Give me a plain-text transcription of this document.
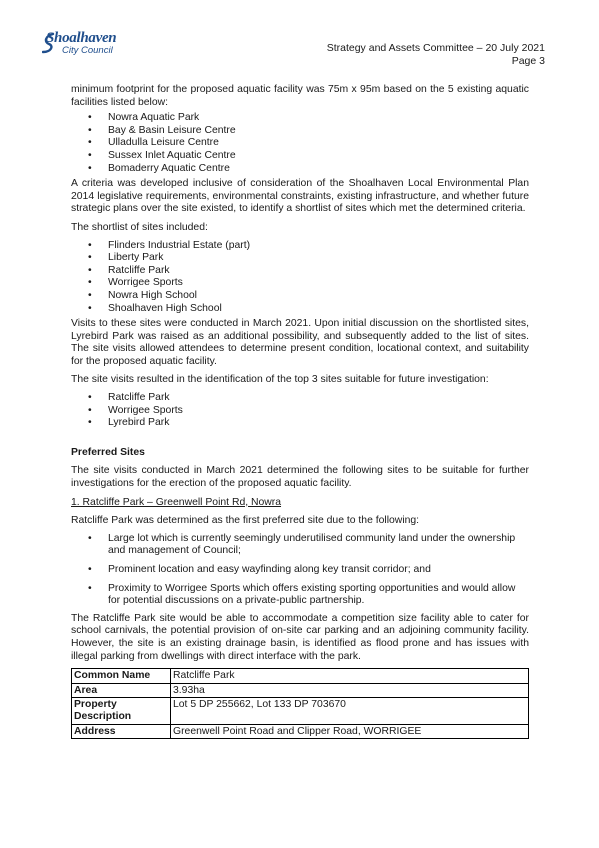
Shoalhaven
City Council	Strategy and Assets Committee – 20 July 2021
Page 3

minimum footprint for the proposed aquatic facility was 75m x 95m based on the 5 existing aquatic facilities listed below:

• Nowra Aquatic Park
• Bay & Basin Leisure Centre
• Ulladulla Leisure Centre
• Sussex Inlet Aquatic Centre
• Bomaderry Aquatic Centre

A criteria was developed inclusive of consideration of the Shoalhaven Local Environmental Plan 2014 legislative requirements, environmental constraints, existing infrastructure, and whether future strategic plans over the site existed, to identify a shortlist of sites which met the determined criteria.

The shortlist of sites included:

• Flinders Industrial Estate (part)
• Liberty Park
• Ratcliffe Park
• Worrigee Sports
• Nowra High School
• Shoalhaven High School

Visits to these sites were conducted in March 2021. Upon initial discussion on the shortlisted sites, Lyrebird Park was raised as an additional possibility, and subsequently added to the list of sites. The site visits allowed attendees to determine present condition, locational context, and suitability for the proposed aquatic facility.

The site visits resulted in the identification of the top 3 sites suitable for future investigation:

• Ratcliffe Park
• Worrigee Sports
• Lyrebird Park

Preferred Sites

The site visits conducted in March 2021 determined the following sites to be suitable for further investigations for the erection of the proposed aquatic facility.

1. Ratcliffe Park – Greenwell Point Rd, Nowra

Ratcliffe Park was determined as the first preferred site due to the following:

• Large lot which is currently seemingly underutilised community land under the ownership and management of Council;
• Prominent location and easy wayfinding along key transit corridor; and
• Proximity to Worrigee Sports which offers existing sporting opportunities and would allow for potential discussions on a private-public partnership.

The Ratcliffe Park site would be able to accommodate a competition size facility able to cater for school carnivals, the potential provision of on-site car parking and an adjoining community facility. However, the site is an existing drainage basin, is identified as flood prone and has issues with illegal parking from dwellings with direct interface with the park.

Common Name	Ratcliffe Park
Area	3.93ha
Property Description	Lot 5 DP 255662, Lot 133 DP 703670
Address	Greenwell Point Road and Clipper Road, WORRIGEE
